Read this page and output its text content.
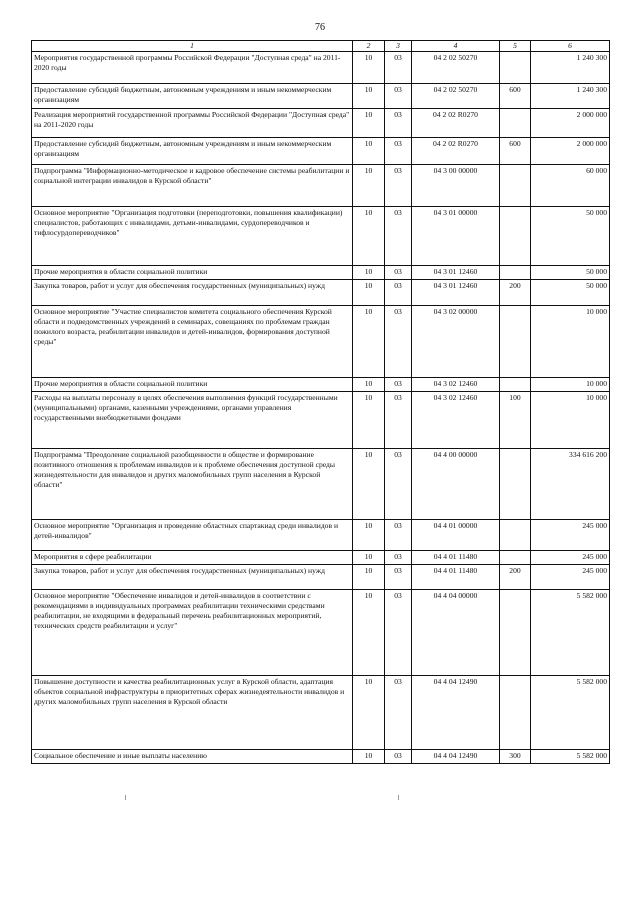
76
1	2	3	4	5	6
Мероприятия государственной программы Российской Федерации "Доступная среда" на 2011-2020 годы	10	03	04 2 02 50270		1 240 300
Предоставление субсидий бюджетным, автономным учреждениям и иным некоммерческим организациям	10	03	04 2 02 50270	600	1 240 300
Реализация мероприятий государственной программы Российской Федерации "Доступная среда" на 2011-2020 годы	10	03	04 2 02 R0270		2 000 000
Предоставление субсидий бюджетным, автономным учреждениям и иным некоммерческим организациям	10	03	04 2 02 R0270	600	2 000 000
Подпрограмма "Информационно-методическое и кадровое обеспечение системы реабилитации и социальной интеграции инвалидов в Курской области"	10	03	04 3 00 00000		60 000
Основное мероприятие "Организация подготовки (переподготовки, повышения квалификации) специалистов, работающих с инвалидами, детьми-инвалидами, сурдопереводчиков и тифлосурдопереводчиков"	10	03	04 3 01 00000		50 000
Прочие мероприятия в области социальной политики	10	03	04 3 01 12460		50 000
Закупка товаров, работ и услуг для обеспечения государственных (муниципальных) нужд	10	03	04 3 01 12460	200	50 000
Основное мероприятие "Участие специалистов комитета социального обеспечения Курской области и подведомственных учреждений в семинарах, совещаниях по проблемам граждан пожилого возраста, реабилитации инвалидов и детей-инвалидов, формирования доступной среды"	10	03	04 3 02 00000		10 000
Прочие мероприятия в области социальной политики	10	03	04 3 02 12460		10 000
Расходы на выплаты персоналу в целях обеспечения выполнения функций государственными (муниципальными) органами, казенными учреждениями, органами управления государственными внебюджетными фондами	10	03	04 3 02 12460	100	10 000
Подпрограмма "Преодоление социальной разобщенности в обществе и формирование позитивного отношения к проблемам инвалидов и к проблеме обеспечения доступной среды жизнедеятельности для инвалидов и других маломобильных групп населения в Курской области"	10	03	04 4 00 00000		334 616 200
Основное мероприятие "Организация и проведение областных спартакиад среди инвалидов и детей-инвалидов"	10	03	04 4 01 00000		245 000
Мероприятия в сфере реабилитации	10	03	04 4 01 11480		245 000
Закупка товаров, работ и услуг для обеспечения государственных (муниципальных) нужд	10	03	04 4 01 11480	200	245 000
Основное мероприятие "Обеспечение инвалидов и детей-инвалидов в соответствии с рекомендациями в индивидуальных программах реабилитации техническими средствами реабилитации, не входящими в федеральный перечень реабилитационных мероприятий, технических средств реабилитации и услуг"	10	03	04 4 04 00000		5 582 000
Повышение доступности и качества реабилитационных услуг в Курской области, адаптация объектов социальной инфраструктуры в приоритетных сферах жизнедеятельности инвалидов и других маломобильных групп населения в Курской области	10	03	04 4 04 12490		5 582 000
Социальное обеспечение и иные выплаты населению	10	03	04 4 04 12490	300	5 582 000
